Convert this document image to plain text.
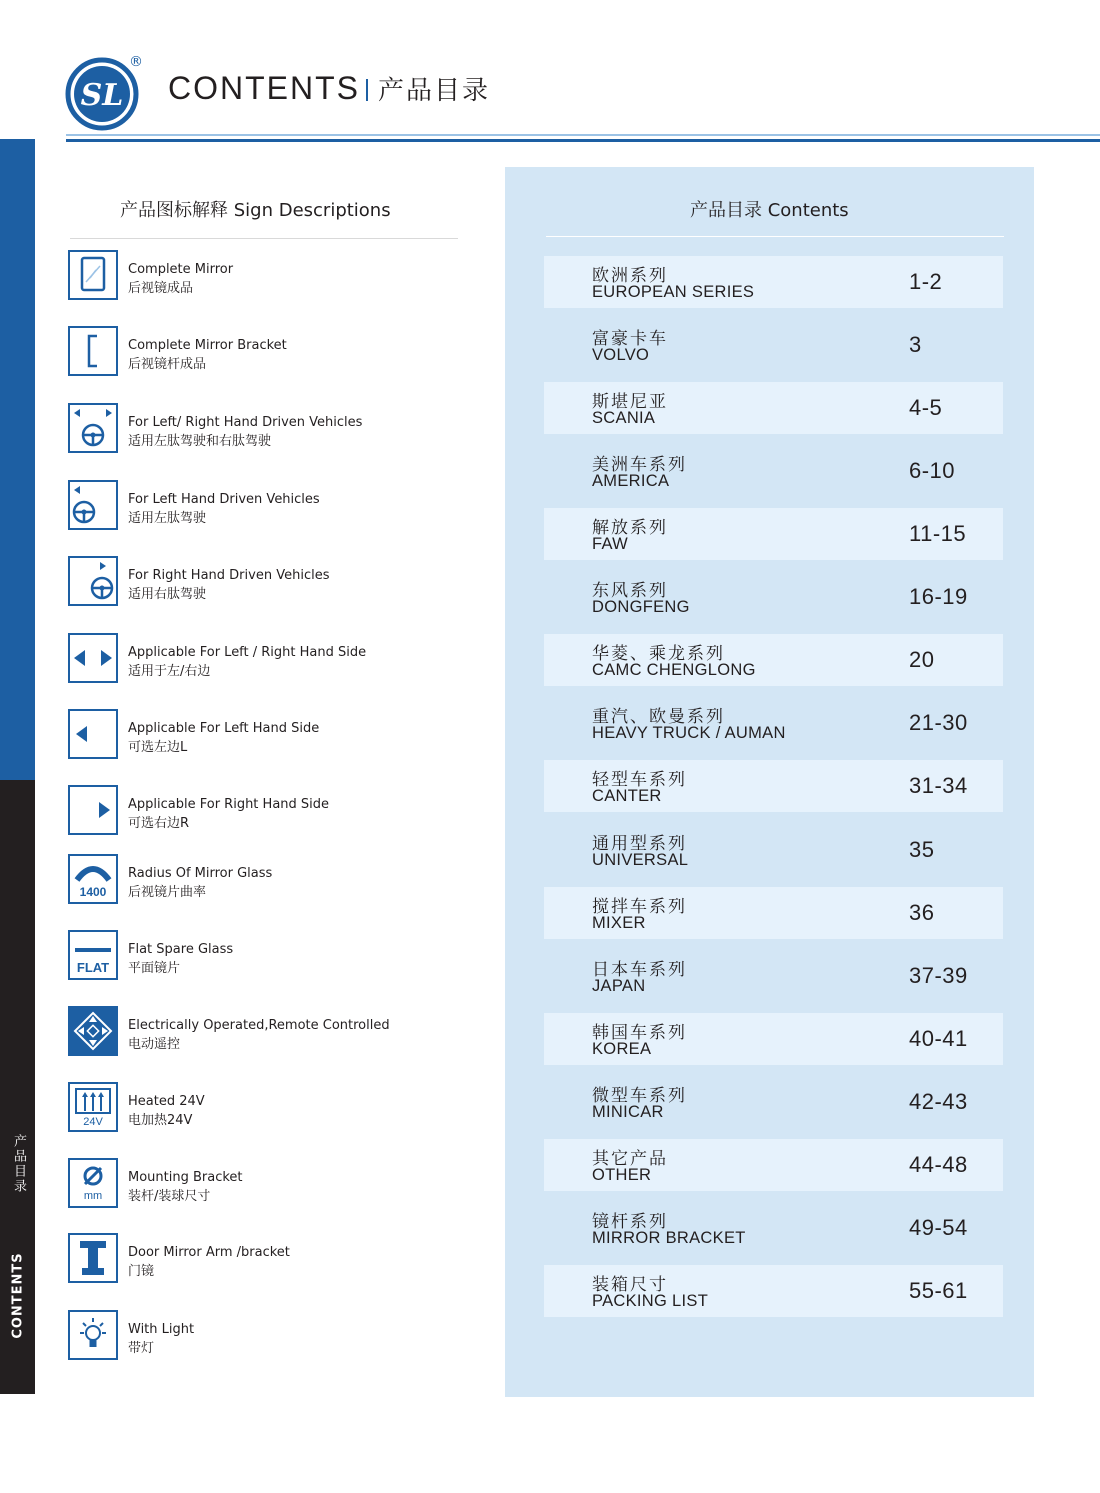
产品目录
CONTENTS
SL
®
CONTENTS 产品目录
产品图标解释 Sign Descriptions
Complete Mirror
后视镜成品
Complete Mirror Bracket
后视镜杆成品
For Left/ Right Hand Driven Vehicles
适用左肽驾驶和右肽驾驶
For Left Hand Driven Vehicles
适用左肽驾驶
For Right Hand Driven Vehicles
适用右肽驾驶
Applicable For Left / Right Hand Side
适用于左/右边
Applicable For Left Hand Side
可选左边L
Applicable For Right Hand Side
可选右边R
1400
Radius Of Mirror Glass
后视镜片曲率
FLAT
Flat Spare Glass
平面镜片
Electrically Operated,Remote Controlled
电动遥控
24V
Heated 24V
电加热24V
mm
Mounting Bracket
装杆/装球尺寸
Door Mirror Arm /bracket
门镜
With Light
带灯
产品目录 Contents
欧洲系列
EUROPEAN SERIES	1-2
富豪卡车
VOLVO	3
斯堪尼亚
SCANIA	4-5
美洲车系列
AMERICA	6-10
解放系列
FAW	11-15
东风系列
DONGFENG	16-19
华菱、乘龙系列
CAMC CHENGLONG	20
重汽、欧曼系列
HEAVY TRUCK / AUMAN	21-30
轻型车系列
CANTER	31-34
通用型系列
UNIVERSAL	35
搅拌车系列
MIXER	36
日本车系列
JAPAN	37-39
韩国车系列
KOREA	40-41
微型车系列
MINICAR	42-43
其它产品
OTHER	44-48
镜杆系列
MIRROR BRACKET	49-54
装箱尺寸
PACKING LIST	55-61
